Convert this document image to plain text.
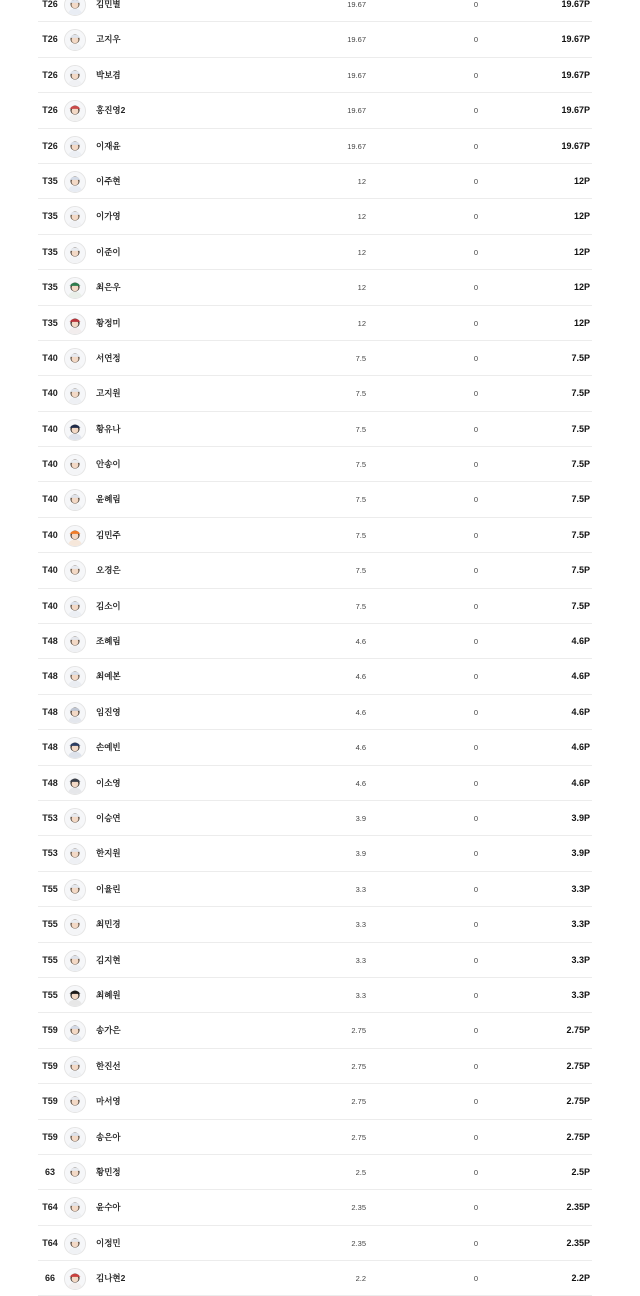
T26	김민별	19.67	0	19.67P
T26	고지우	19.67	0	19.67P
T26	박보겸	19.67	0	19.67P
T26	홍진영2	19.67	0	19.67P
T26	이재윤	19.67	0	19.67P
T35	이주현	12	0	12P
T35	이가영	12	0	12P
T35	이준이	12	0	12P
T35	최은우	12	0	12P
T35	황정미	12	0	12P
T40	서연정	7.5	0	7.5P
T40	고지원	7.5	0	7.5P
T40	황유나	7.5	0	7.5P
T40	안송이	7.5	0	7.5P
T40	윤혜림	7.5	0	7.5P
T40	김민주	7.5	0	7.5P
T40	오경은	7.5	0	7.5P
T40	김소이	7.5	0	7.5P
T48	조혜림	4.6	0	4.6P
T48	최예본	4.6	0	4.6P
T48	임진영	4.6	0	4.6P
T48	손예빈	4.6	0	4.6P
T48	이소영	4.6	0	4.6P
T53	이승연	3.9	0	3.9P
T53	한지원	3.9	0	3.9P
T55	이율린	3.3	0	3.3P
T55	최민경	3.3	0	3.3P
T55	김지현	3.3	0	3.3P
T55	최혜원	3.3	0	3.3P
T59	송가은	2.75	0	2.75P
T59	한진선	2.75	0	2.75P
T59	마서영	2.75	0	2.75P
T59	송은아	2.75	0	2.75P
63	황민정	2.5	0	2.5P
T64	윤수아	2.35	0	2.35P
T64	이정민	2.35	0	2.35P
66	김나현2	2.2	0	2.2P
